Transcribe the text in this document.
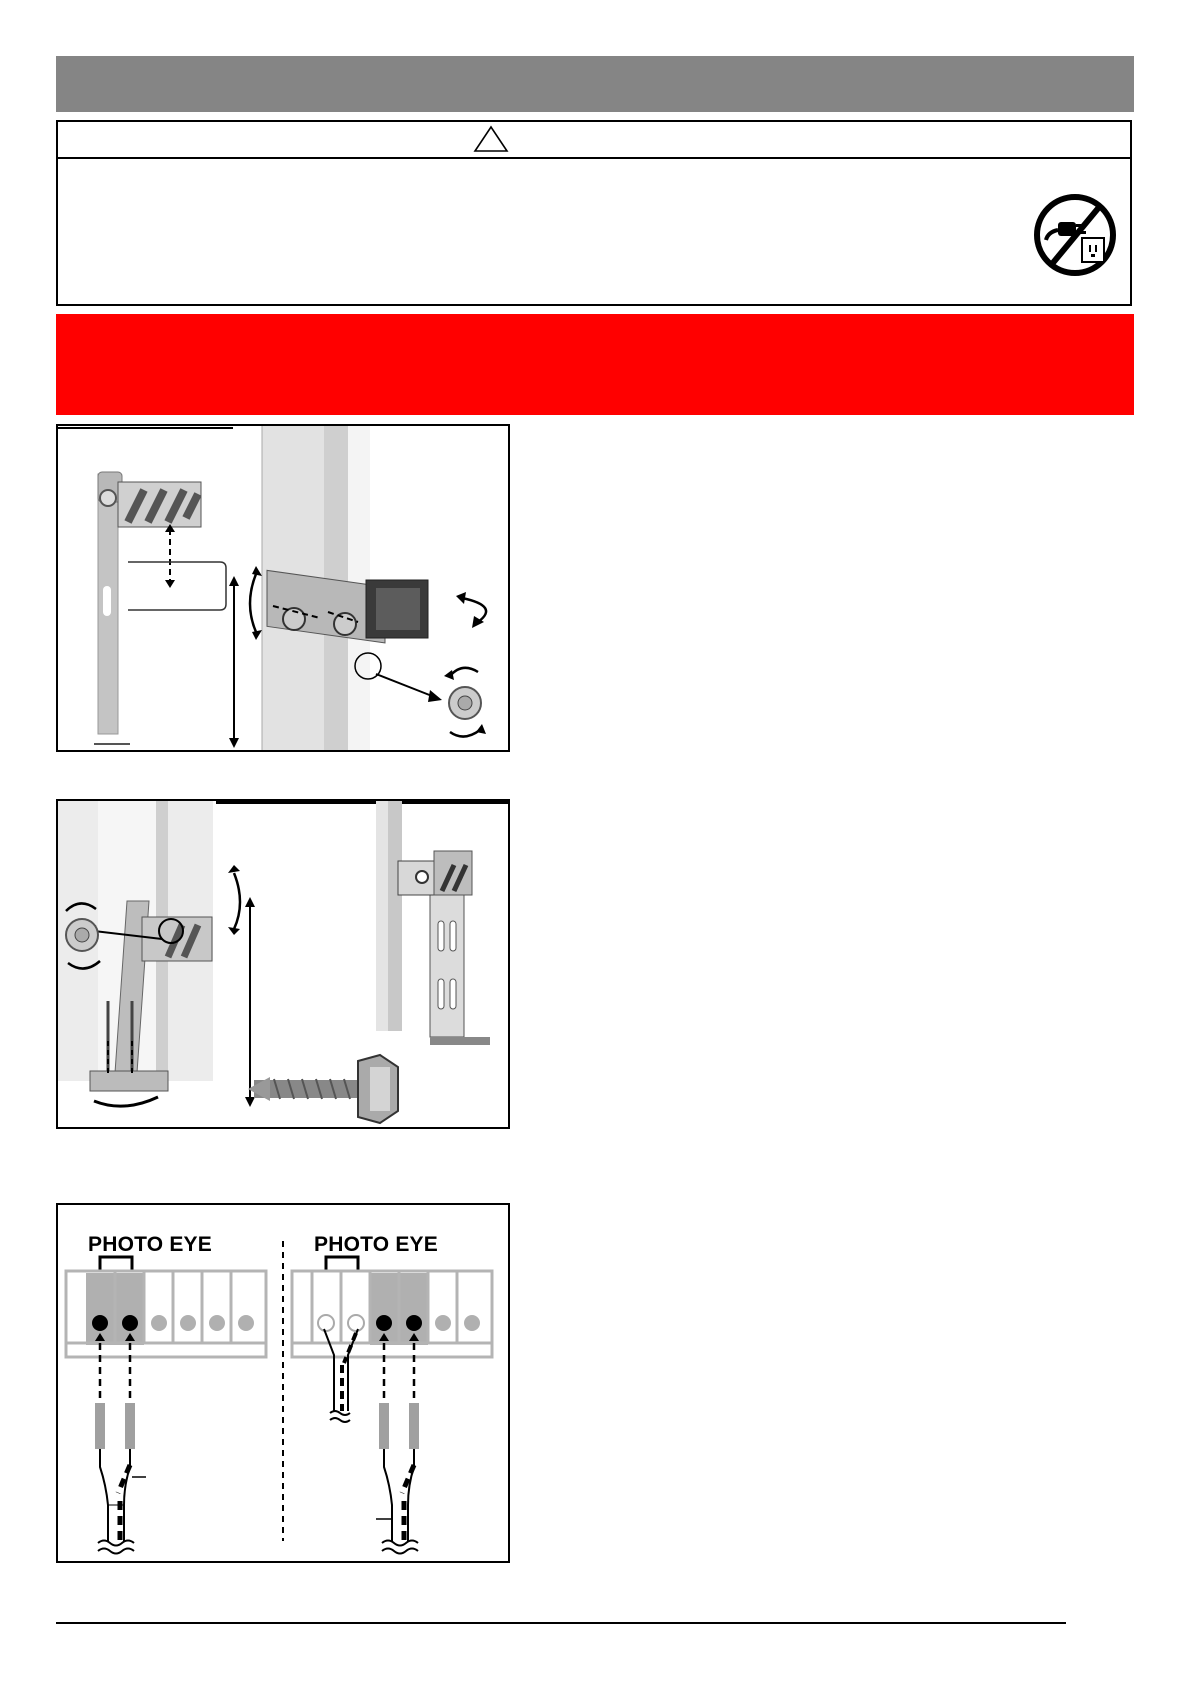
PHOTO EYE	PHOTO EYE
